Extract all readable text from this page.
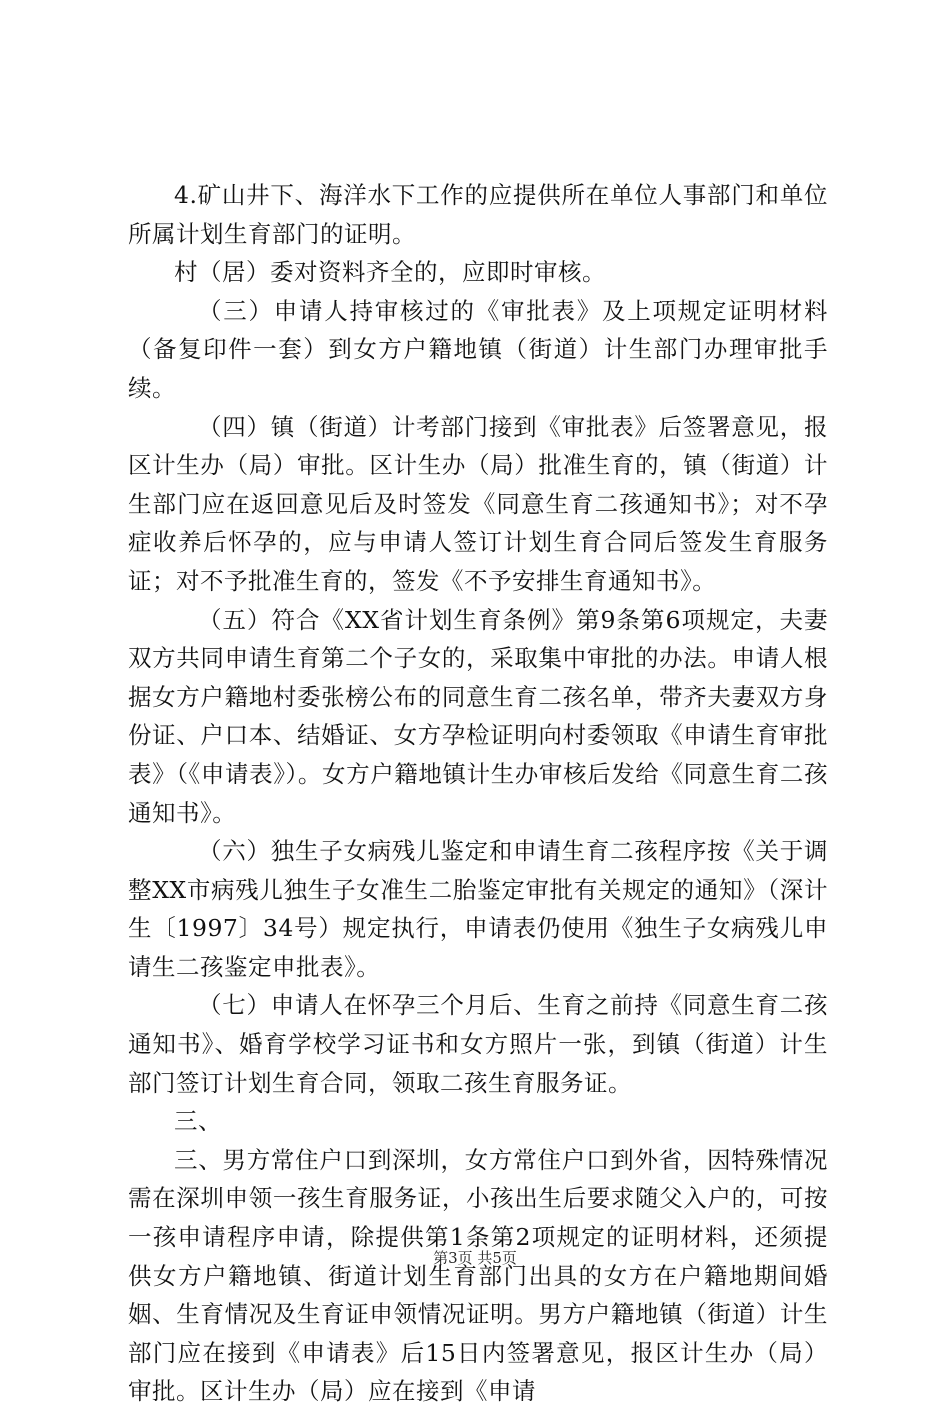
4.矿山井下、海洋水下工作的应提供所在单位人事部门和单位所属计划生育部门的证明。

村（居）委对资料齐全的，应即时审核。

（三）申请人持审核过的《审批表》及上项规定证明材料（备复印件一套）到女方户籍地镇（街道）计生部门办理审批手续。

（四）镇（街道）计考部门接到《审批表》后签署意见，报区计生办（局）审批。区计生办（局）批准生育的，镇（街道）计生部门应在返回意见后及时签发《同意生育二孩通知书》；对不孕症收养后怀孕的，应与申请人签订计划生育合同后签发生育服务证；对不予批准生育的，签发《不予安排生育通知书》。

（五）符合《XX省计划生育条例》第9条第6项规定，夫妻双方共同申请生育第二个子女的，采取集中审批的办法。申请人根据女方户籍地村委张榜公布的同意生育二孩名单，带齐夫妻双方身份证、户口本、结婚证、女方孕检证明向村委领取《申请生育审批表》（《申请表》）。女方户籍地镇计生办审核后发给《同意生育二孩通知书》。

（六）独生子女病残儿鉴定和申请生育二孩程序按《关于调整XX市病残儿独生子女准生二胎鉴定审批有关规定的通知》（深计生〔1997〕34号）规定执行，申请表仍使用《独生子女病残儿申请生二孩鉴定申批表》。

（七）申请人在怀孕三个月后、生育之前持《同意生育二孩通知书》、婚育学校学习证书和女方照片一张，到镇（街道）计生部门签订计划生育合同，领取二孩生育服务证。

三、

三、男方常住户口到深圳，女方常住户口到外省，因特殊情况需在深圳申领一孩生育服务证，小孩出生后要求随父入户的，可按一孩申请程序申请，除提供第1条第2项规定的证明材料，还须提供女方户籍地镇、街道计划生育部门出具的女方在户籍地期间婚姻、生育情况及生育证申领情况证明。男方户籍地镇（街道）计生部门应在接到《申请表》后15日内签署意见，报区计生办（局）审批。区计生办（局）应在接到《申请

第3页 共5页
